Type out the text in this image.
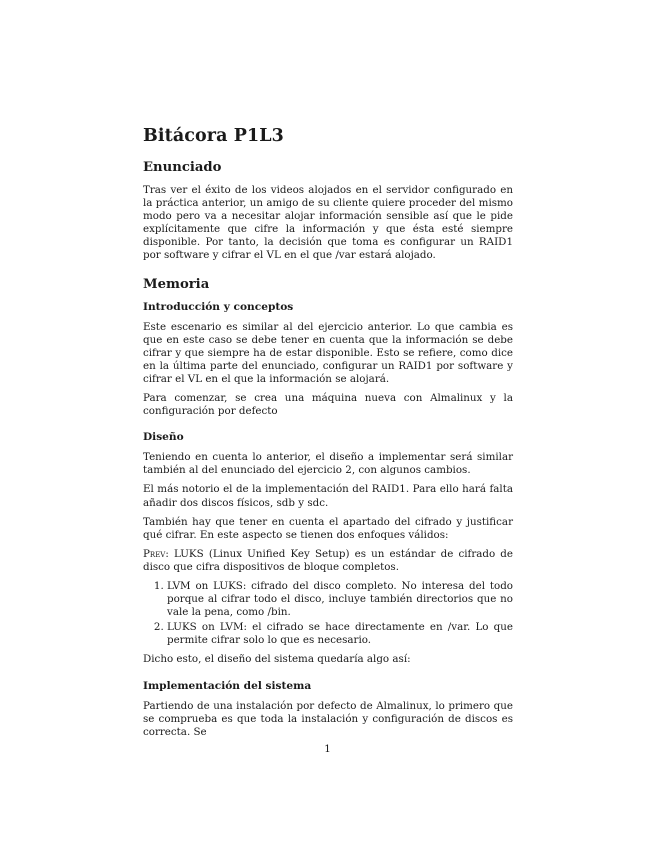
Bitácora P1L3
Enunciado

Tras ver el éxito de los videos alojados en el servidor configurado en la práctica anterior, un amigo de su cliente quiere proceder del mismo modo pero va a necesitar alojar información sensible así que le pide explícitamente que cifre la información y que ésta esté siempre disponible. Por tanto, la decisión que toma es configurar un RAID1 por software y cifrar el VL en el que /var estará alojado.

Memoria
Introducción y conceptos

Este escenario es similar al del ejercicio anterior. Lo que cambia es que en este caso se debe tener en cuenta que la información se debe cifrar y que siempre ha de estar disponible. Esto se refiere, como dice en la última parte del enunciado, configurar un RAID1 por software y cifrar el VL en el que la información se alojará.

Para comenzar, se crea una máquina nueva con Almalinux y la configuración por defecto

Diseño

Teniendo en cuenta lo anterior, el diseño a implementar será similar también al del enunciado del ejercicio 2, con algunos cambios.

El más notorio el de la implementación del RAID1. Para ello hará falta añadir dos discos físicos, sdb y sdc.

También hay que tener en cuenta el apartado del cifrado y justificar qué cifrar. En este aspecto se tienen dos enfoques válidos:

Prev: LUKS (Linux Unified Key Setup) es un estándar de cifrado de disco que cifra dispositivos de bloque completos.

1. LVM on LUKS: cifrado del disco completo. No interesa del todo porque al cifrar todo el disco, incluye también directorios que no vale la pena, como /bin.
2. LUKS on LVM: el cifrado se hace directamente en /var. Lo que permite cifrar solo lo que es necesario.

Dicho esto, el diseño del sistema quedaría algo así:

Implementación del sistema

Partiendo de una instalación por defecto de Almalinux, lo primero que se comprueba es que toda la instalación y configuración de discos es correcta. Se

1
